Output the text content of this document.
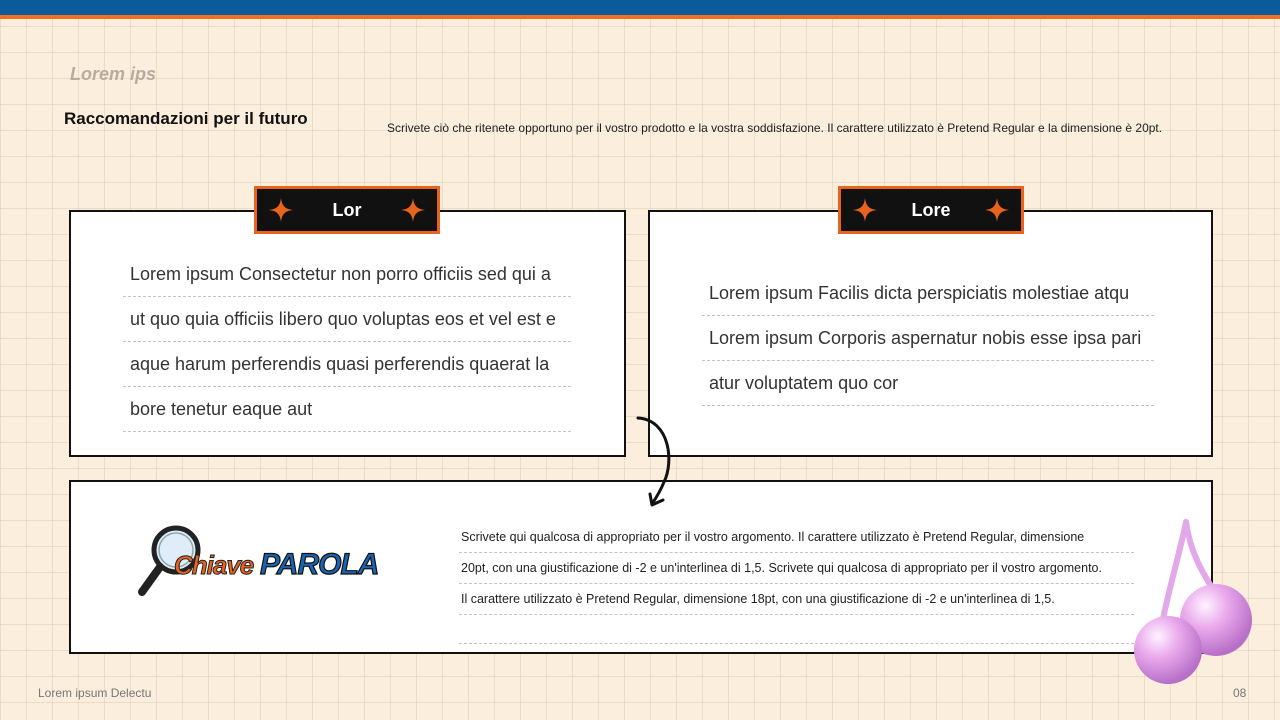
Lorem ips
Raccomandazioni per il futuro	Scrivete ciò che ritenete opportuno per il vostro prodotto e la vostra soddisfazione. Il carattere utilizzato è Pretend Regular e la dimensione è 20pt.
Lor
Lorem ipsum Consectetur non porro officiis sed qui a
ut quo quia officiis libero quo voluptas eos et vel est e
aque harum perferendis quasi perferendis quaerat la
bore tenetur eaque aut
Lore
Lorem ipsum Facilis dicta perspiciatis molestiae atqu
Lorem ipsum Corporis aspernatur nobis esse ipsa pari
atur voluptatem quo cor
Chiave PAROLA
Scrivete qui qualcosa di appropriato per il vostro argomento. Il carattere utilizzato è Pretend Regular, dimensione
20pt, con una giustificazione di -2 e un'interlinea di 1,5. Scrivete qui qualcosa di appropriato per il vostro argomento.
Il carattere utilizzato è Pretend Regular, dimensione 18pt, con una giustificazione di -2 e un'interlinea di 1,5.
Lorem ipsum Delectu	08
